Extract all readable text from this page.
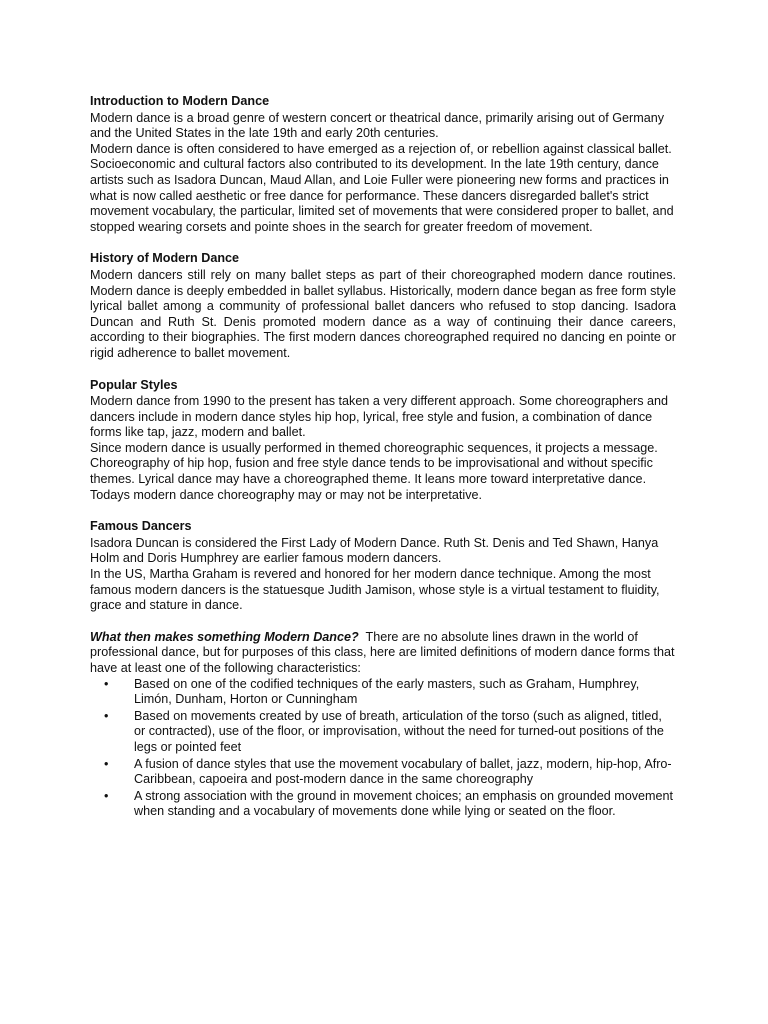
Introduction to Modern Dance

Modern dance is a broad genre of western concert or theatrical dance, primarily arising out of Germany and the United States in the late 19th and early 20th centuries.

Modern dance is often considered to have emerged as a rejection of, or rebellion against classical ballet. Socioeconomic and cultural factors also contributed to its development. In the late 19th century, dance artists such as Isadora Duncan, Maud Allan, and Loie Fuller were pioneering new forms and practices in what is now called aesthetic or free dance for performance. These dancers disregarded ballet's strict movement vocabulary, the particular, limited set of movements that were considered proper to ballet, and stopped wearing corsets and pointe shoes in the search for greater freedom of movement.

History of Modern Dance

Modern dancers still rely on many ballet steps as part of their choreographed modern dance routines. Modern dance is deeply embedded in ballet syllabus. Historically, modern dance began as free form style lyrical ballet among a community of professional ballet dancers who refused to stop dancing. Isadora Duncan and Ruth St. Denis promoted modern dance as a way of continuing their dance careers, according to their biographies. The first modern dances choreographed required no dancing en pointe or rigid adherence to ballet movement.

Popular Styles

Modern dance from 1990 to the present has taken a very different approach. Some choreographers and dancers include in modern dance styles hip hop, lyrical, free style and fusion, a combination of dance forms like tap, jazz, modern and ballet.

Since modern dance is usually performed in themed choreographic sequences, it projects a message. Choreography of hip hop, fusion and free style dance tends to be improvisational and without specific themes. Lyrical dance may have a choreographed theme. It leans more toward interpretative dance. Todays modern dance choreography may or may not be interpretative.

Famous Dancers

Isadora Duncan is considered the First Lady of Modern Dance. Ruth St. Denis and Ted Shawn, Hanya Holm and Doris Humphrey are earlier famous modern dancers.

In the US, Martha Graham is revered and honored for her modern dance technique. Among the most famous modern dancers is the statuesque Judith Jamison, whose style is a virtual testament to fluidity, grace and stature in dance.

What then makes something Modern Dance? There are no absolute lines drawn in the world of professional dance, but for purposes of this class, here are limited definitions of modern dance forms that have at least one of the following characteristics:

• Based on one of the codified techniques of the early masters, such as Graham, Humphrey, Limón, Dunham, Horton or Cunningham
• Based on movements created by use of breath, articulation of the torso (such as aligned, titled, or contracted), use of the floor, or improvisation, without the need for turned-out positions of the legs or pointed feet
• A fusion of dance styles that use the movement vocabulary of ballet, jazz, modern, hip-hop, Afro-Caribbean, capoeira and post-modern dance in the same choreography
• A strong association with the ground in movement choices; an emphasis on grounded movement when standing and a vocabulary of movements done while lying or seated on the floor.
